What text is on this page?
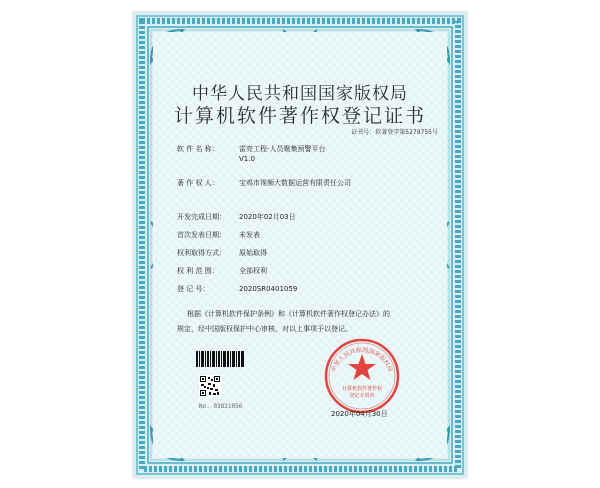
中华人民共和国国家版权局
计算机软件著作权登记证书
证书号：软著登字第5279755号
软 件 名 称：	雷亮工程-人员聚集预警平台
V1.0
著 作 权 人：	宝鸡市视频大数据运营有限责任公司
开发完成日期： 2020年02月03日
首次发表日期： 未发表
权利取得方式： 原始取得
权 利 范 围：	全部权利
登 记 号：	2020SR0401059
根据《计算机软件保护条例》和《计算机软件著作权登记办法》的
规定，经中国版权保护中心审核，对以上事项予以登记。
No. 03821056
中华人民共和国国家版权局
计算机软件著作权
登记专用章
2020年04月30日
